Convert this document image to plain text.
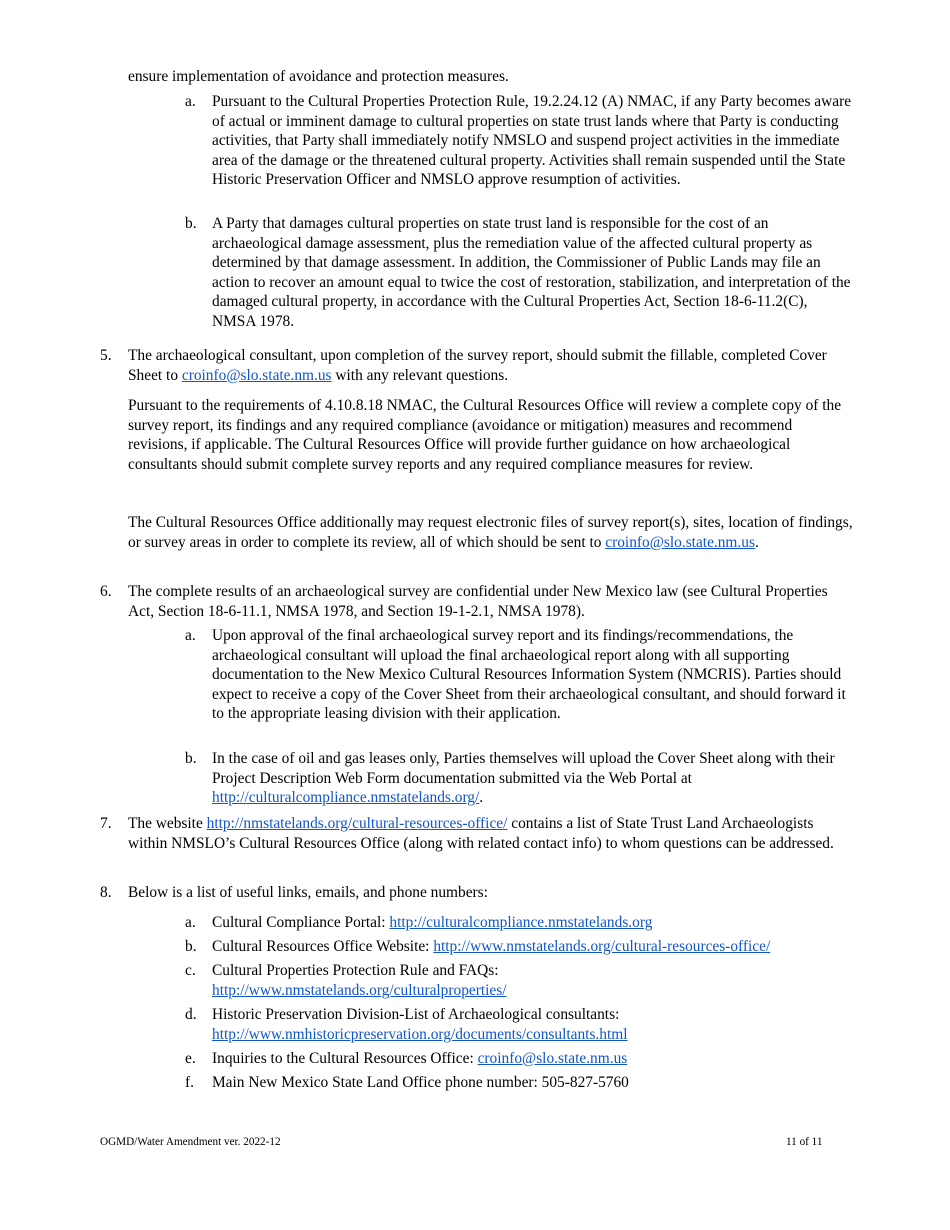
ensure implementation of avoidance and protection measures.
a.	Pursuant to the Cultural Properties Protection Rule, 19.2.24.12 (A) NMAC, if any Party becomes aware of actual or imminent damage to cultural properties on state trust lands where that Party is conducting activities, that Party shall immediately notify NMSLO and suspend project activities in the immediate area of the damage or the threatened cultural property. Activities shall remain suspended until the State Historic Preservation Officer and NMSLO approve resumption of activities.
b.	A Party that damages cultural properties on state trust land is responsible for the cost of an archaeological damage assessment, plus the remediation value of the affected cultural property as determined by that damage assessment. In addition, the Commissioner of Public Lands may file an action to recover an amount equal to twice the cost of restoration, stabilization, and interpretation of the damaged cultural property, in accordance with the Cultural Properties Act, Section 18-6-11.2(C), NMSA 1978.
5.	The archaeological consultant, upon completion of the survey report, should submit the fillable, completed Cover Sheet to croinfo@slo.state.nm.us with any relevant questions.
Pursuant to the requirements of 4.10.8.18 NMAC, the Cultural Resources Office will review a complete copy of the survey report, its findings and any required compliance (avoidance or mitigation) measures and recommend revisions, if applicable. The Cultural Resources Office will provide further guidance on how archaeological consultants should submit complete survey reports and any required compliance measures for review.
The Cultural Resources Office additionally may request electronic files of survey report(s), sites, location of findings, or survey areas in order to complete its review, all of which should be sent to croinfo@slo.state.nm.us.
6.	The complete results of an archaeological survey are confidential under New Mexico law (see Cultural Properties Act, Section 18-6-11.1, NMSA 1978, and Section 19-1-2.1, NMSA 1978).
a.	Upon approval of the final archaeological survey report and its findings/recommendations, the archaeological consultant will upload the final archaeological report along with all supporting documentation to the New Mexico Cultural Resources Information System (NMCRIS). Parties should expect to receive a copy of the Cover Sheet from their archaeological consultant, and should forward it to the appropriate leasing division with their application.
b.	In the case of oil and gas leases only, Parties themselves will upload the Cover Sheet along with their Project Description Web Form documentation submitted via the Web Portal at http://culturalcompliance.nmstatelands.org/.
7.	The website http://nmstatelands.org/cultural-resources-office/ contains a list of State Trust Land Archaeologists within NMSLO’s Cultural Resources Office (along with related contact info) to whom questions can be addressed.
8.	Below is a list of useful links, emails, and phone numbers:
a.	Cultural Compliance Portal: http://culturalcompliance.nmstatelands.org
b.	Cultural Resources Office Website: http://www.nmstatelands.org/cultural-resources-office/
c.	Cultural Properties Protection Rule and FAQs:
http://www.nmstatelands.org/culturalproperties/
d.	Historic Preservation Division-List of Archaeological consultants:
http://www.nmhistoricpreservation.org/documents/consultants.html
e.	Inquiries to the Cultural Resources Office: croinfo@slo.state.nm.us
f.	Main New Mexico State Land Office phone number: 505-827-5760
OGMD/Water Amendment ver. 2022-12	11 of 11
